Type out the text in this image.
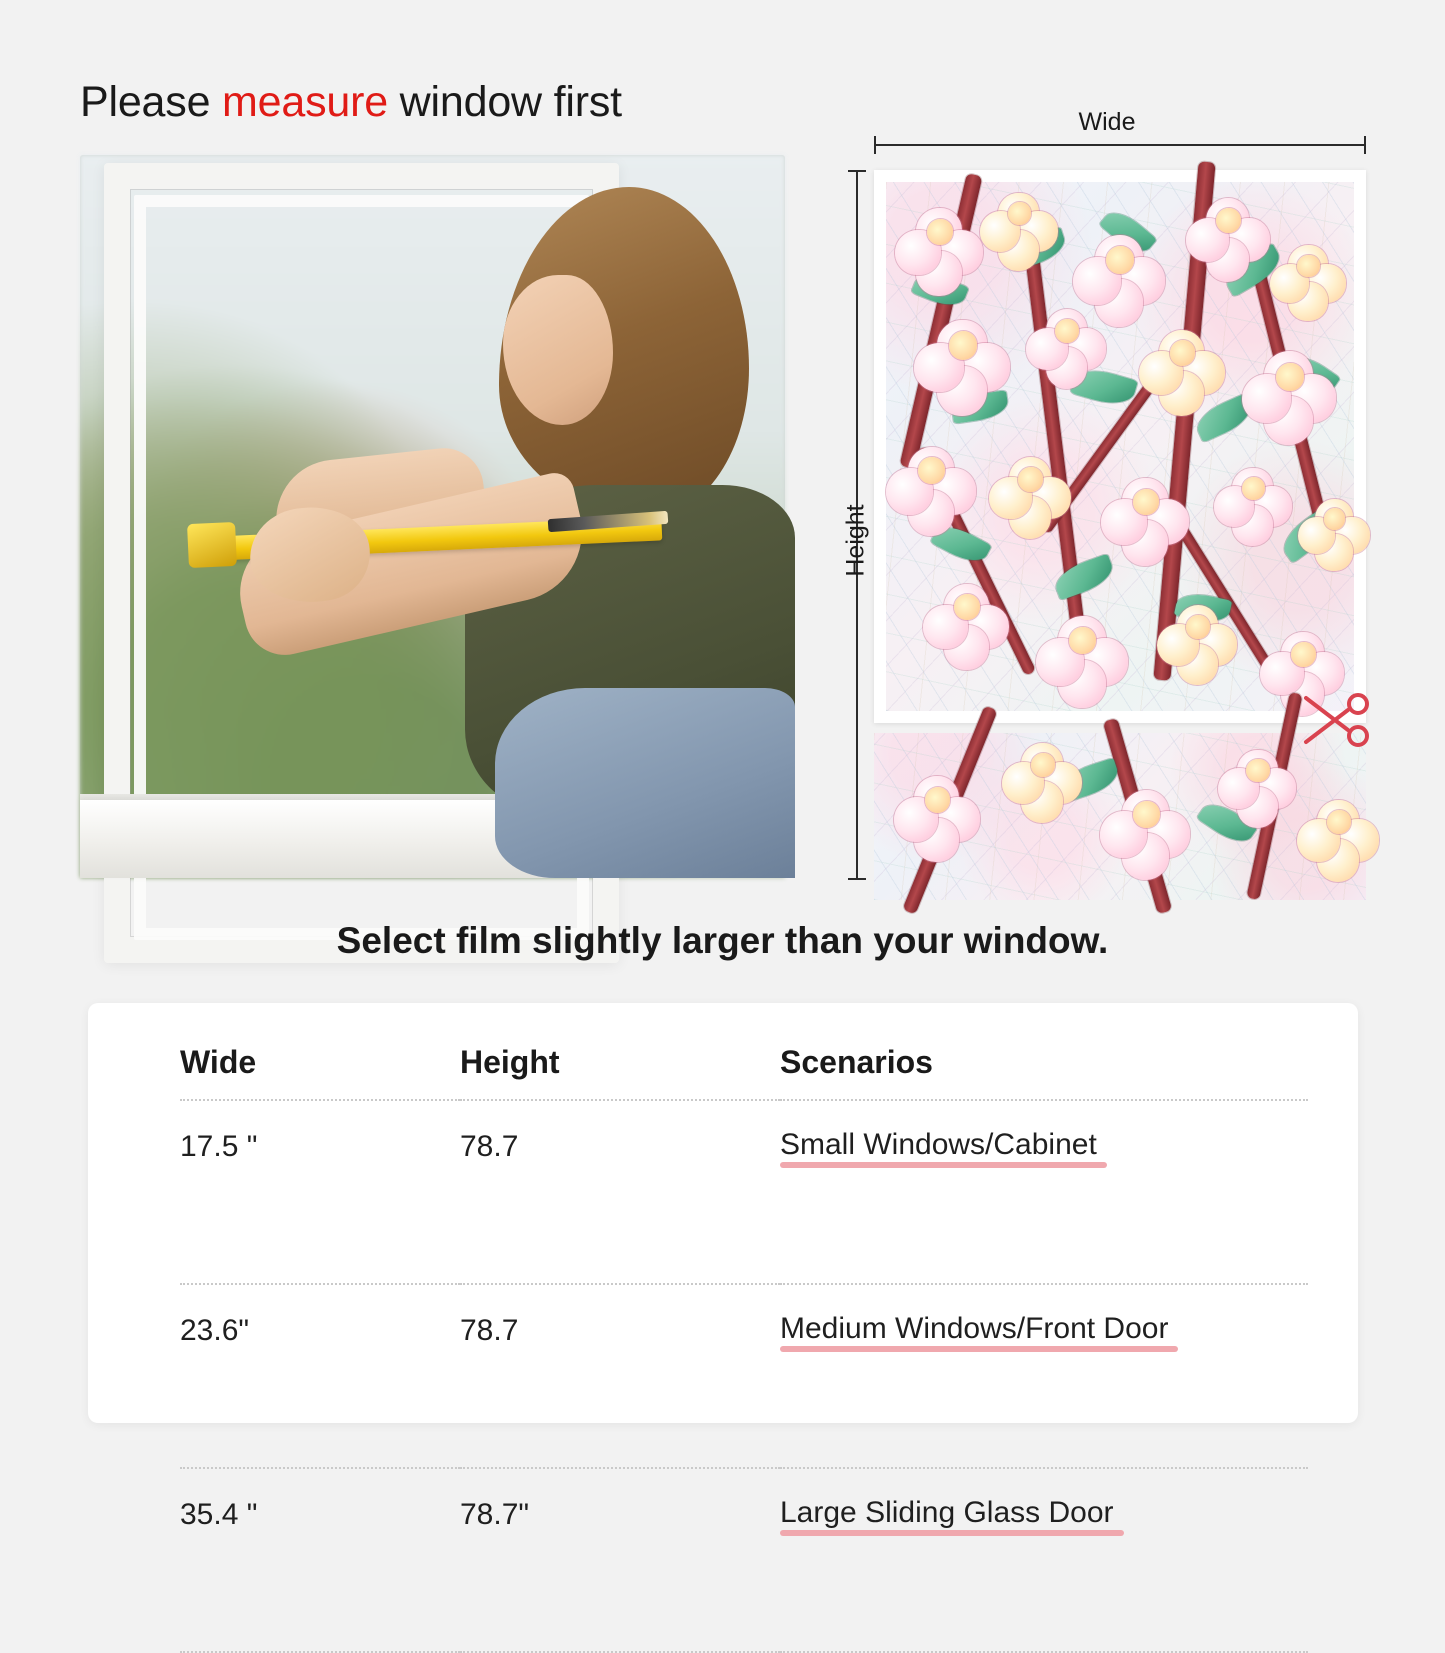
Please measure window first	Wide
Height
Select film slightly larger than your window.
Wide	Height	Scenarios

17.5 "	78.7	Small Windows/Cabinet

23.6"	78.7	Medium Windows/Front Door

35.4 "	78.7"	Large Sliding Glass Door
